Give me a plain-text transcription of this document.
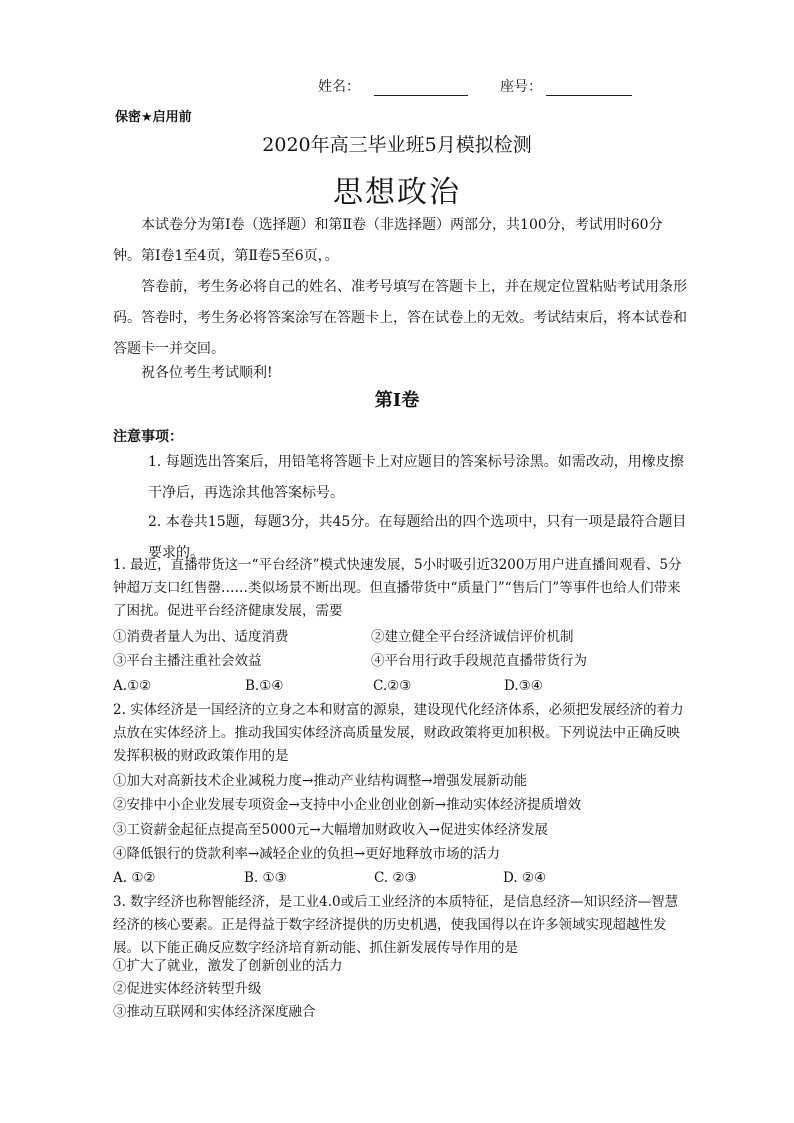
姓名：	座号：
保密★启用前
2020年高三毕业班5月模拟检测
思想政治
本试卷分为第Ⅰ卷（选择题）和第Ⅱ卷（非选择题）两部分，共100分，考试用时60分钟。第Ⅰ卷1至4页，第Ⅱ卷5至6页，。
答卷前，考生务必将自己的姓名、准考号填写在答题卡上，并在规定位置粘贴考试用条形码。答卷时，考生务必将答案涂写在答题卡上，答在试卷上的无效。考试结束后，将本试卷和答题卡一并交回。
祝各位考生考试顺利!
第Ⅰ卷
注意事项：
1. 每题选出答案后，用铅笔将答题卡上对应题目的答案标号涂黑。如需改动，用橡皮擦干净后，再选涂其他答案标号。
2. 本卷共15题，每题3分，共45分。在每题给出的四个选项中，只有一项是最符合题目要求的。
1. 最近，直播带货这一“平台经济”模式快速发展，5小时吸引近3200万用户进直播间观看、5分钟超万支口红售罄……类似场景不断出现。但直播带货中“质量门”“售后门”等事件也给人们带来了困扰。促进平台经济健康发展，需要
①消费者量人为出、适度消费	②建立健全平台经济诚信评价机制
③平台主播注重社会效益	④平台用行政手段规范直播带货行为
A.①②	B.①④	C.②③	D.③④
2. 实体经济是一国经济的立身之本和财富的源泉，建设现代化经济体系，必须把发展经济的着力点放在实体经济上。推动我国实体经济高质量发展，财政政策将更加积极。下列说法中正确反映发挥积极的财政政策作用的是
①加大对高新技术企业减税力度→推动产业结构调整→增强发展新动能
②安排中小企业发展专项资金→支持中小企业创业创新→推动实体经济提质增效
③工资薪金起征点提高至5000元→大幅增加财政收入→促进实体经济发展
④降低银行的贷款利率→减轻企业的负担→更好地释放市场的活力
A. ①②	B. ①③	C. ②③	D. ②④
3. 数字经济也称智能经济，是工业4.0或后工业经济的本质特征，是信息经济—知识经济—智慧经济的核心要素。正是得益于数字经济提供的历史机遇，使我国得以在许多领域实现超越性发展。以下能正确反应数字经济培育新动能、抓住新发展传导作用的是
①扩大了就业，激发了创新创业的活力
②促进实体经济转型升级
③推动互联网和实体经济深度融合
